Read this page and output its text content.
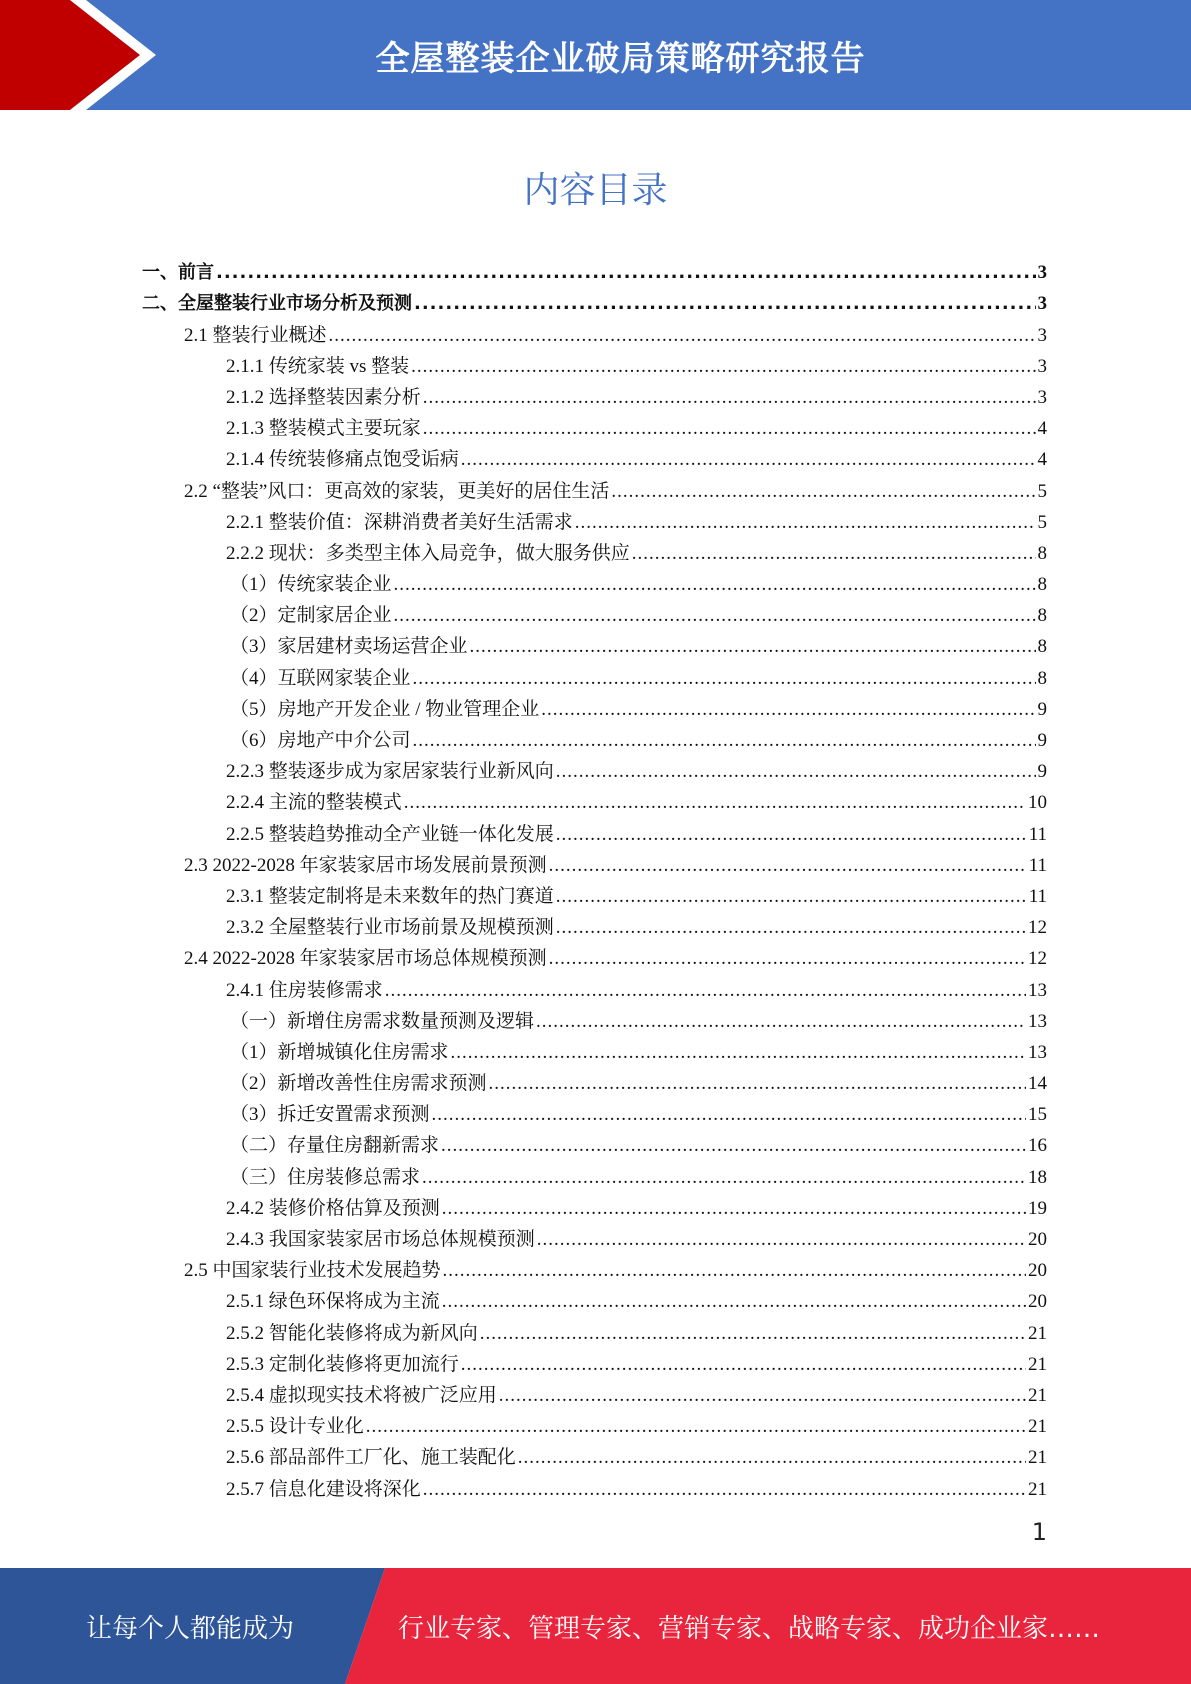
全屋整装企业破局策略研究报告
内容目录
一、前言 .....	3
二、全屋整装行业市场分析及预测 .....	3
2.1 整装行业概述 .....	3
2.1.1 传统家装 vs 整装 .....	3
2.1.2 选择整装因素分析 .....	3
2.1.3 整装模式主要玩家 .....	4
2.1.4 传统装修痛点饱受诟病 .....	4
2.2 “整装”风口：更高效的家装，更美好的居住生活 .....	5
2.2.1 整装价值：深耕消费者美好生活需求 .....	5
2.2.2 现状：多类型主体入局竞争，做大服务供应 .....	8
（1）传统家装企业 .....	8
（2）定制家居企业 .....	8
（3）家居建材卖场运营企业 .....	8
（4）互联网家装企业 .....	8
（5）房地产开发企业 / 物业管理企业 .....	9
（6）房地产中介公司 .....	9
2.2.3 整装逐步成为家居家装行业新风向 .....	9
2.2.4 主流的整装模式 .....	10
2.2.5 整装趋势推动全产业链一体化发展 .....	11
2.3 2022-2028 年家装家居市场发展前景预测 .....	11
2.3.1 整装定制将是未来数年的热门赛道 .....	11
2.3.2 全屋整装行业市场前景及规模预测 .....	12
2.4 2022-2028 年家装家居市场总体规模预测 .....	12
2.4.1 住房装修需求 .....	13
（一）新增住房需求数量预测及逻辑 .....	13
（1）新增城镇化住房需求 .....	13
（2）新增改善性住房需求预测 .....	14
（3）拆迁安置需求预测 .....	15
（二）存量住房翻新需求 .....	16
（三）住房装修总需求 .....	18
2.4.2 装修价格估算及预测 .....	19
2.4.3 我国家装家居市场总体规模预测 .....	20
2.5 中国家装行业技术发展趋势 .....	20
2.5.1 绿色环保将成为主流 .....	20
2.5.2 智能化装修将成为新风向 .....	21
2.5.3 定制化装修将更加流行 .....	21
2.5.4 虚拟现实技术将被广泛应用 .....	21
2.5.5 设计专业化 .....	21
2.5.6 部品部件工厂化、施工装配化 .....	21
2.5.7 信息化建设将深化 .....	21
1
让每个人都能成为	行业专家、管理专家、营销专家、战略专家、成功企业家……
